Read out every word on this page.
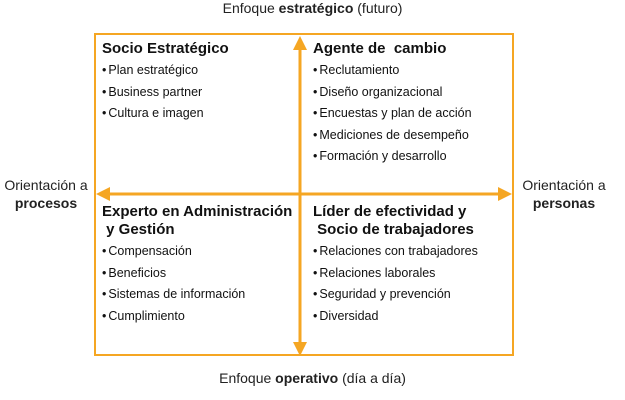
Enfoque estratégico (futuro)
Enfoque operativo (día a día)
Orientación a
procesos
Orientación a
personas
Socio Estratégico
• Plan estratégico
• Business partner
• Cultura e imagen
Agente de  cambio
• Reclutamiento
• Diseño organizacional
• Encuestas y plan de acción
• Mediciones de desempeño
• Formación y desarrollo
Experto en Administración
y Gestión
• Compensación
• Beneficios
• Sistemas de información
• Cumplimiento
Líder de efectividad y
Socio de trabajadores
• Relaciones con trabajadores
• Relaciones laborales
• Seguridad y prevención
• Diversidad
